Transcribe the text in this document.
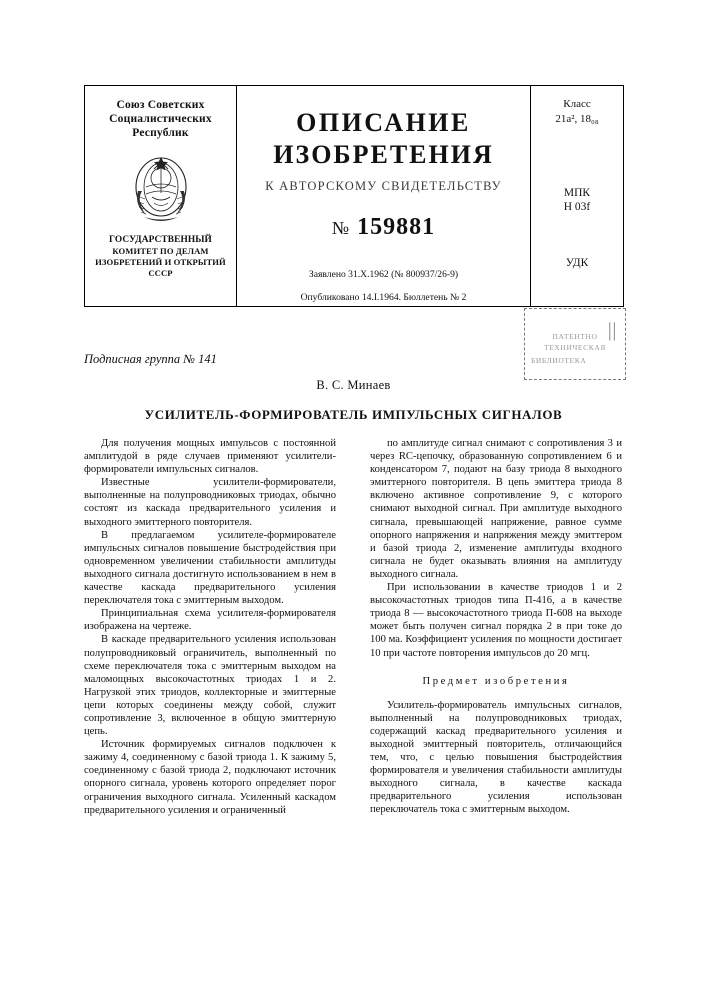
Союз Советских
Социалистических
Республик
ГОСУДАРСТВЕННЫЙ
КОМИТЕТ ПО ДЕЛАМ
ИЗОБРЕТЕНИЙ И ОТКРЫТИЙ
СССР
ОПИСАНИЕ
ИЗОБРЕТЕНИЯ
К АВТОРСКОМУ СВИДЕТЕЛЬСТВУ
№ 159881
Заявлено 31.X.1962 (№ 800937/26-9)
Опубликовано 14.I.1964. Бюллетень № 2
Класс
21a², 18₀₈
МПК
H 03f
УДК
ПАТЕНТНО
ТЕХНИЧЕСКАЯ
БИБЛИОТЕКА
||
Подписная группа № 141
В. С. Минаев
УСИЛИТЕЛЬ-ФОРМИРОВАТЕЛЬ ИМПУЛЬСНЫХ СИГНАЛОВ

Для получения мощных импульсов с постоянной амплитудой в ряде случаев применяют усилители-формирователи импульсных сигналов.

Известные усилители-формирователи, выполненные на полупроводниковых триодах, обычно состоят из каскада предварительного усиления и выходного эмиттерного повторителя.

В предлагаемом усилителе-формирователе импульсных сигналов повышение быстродействия при одновременном увеличении стабильности амплитуды выходного сигнала достигнуто использованием в нем в качестве каскада предварительного усиления переключателя тока с эмиттерным выходом.

Принципиальная схема усилителя-формирователя изображена на чертеже.

В каскаде предварительного усиления использован полупроводниковый ограничитель, выполненный по схеме переключателя тока с эмиттерным выходом на маломощных высокочастотных триодах 1 и 2. Нагрузкой этих триодов, коллекторные и эмиттерные цепи которых соединены между собой, служит сопротивление 3, включенное в общую эмиттерную цепь.

Источник формируемых сигналов подключен к зажиму 4, соединенному с базой триода 1. К зажиму 5, соединенному с базой триода 2, подключают источник опорного сигнала, уровень которого определяет порог ограничения выходного сигнала. Усиленный каскадом предварительного усиления и ограниченный

по амплитуде сигнал снимают с сопротивления 3 и через RC-цепочку, образованную сопротивлением 6 и конденсатором 7, подают на базу триода 8 выходного эмиттерного повторителя. В цепь эмиттера триода 8 включено активное сопротивление 9, с которого снимают выходной сигнал. При амплитуде выходного сигнала, превышающей напряжение, равное сумме опорного напряжения и напряжения между эмиттером и базой триода 2, изменение амплитуды входного сигнала не будет оказывать влияния на амплитуду выходного сигнала.

При использовании в качестве триодов 1 и 2 высокочастотных триодов типа П-416, а в качестве триода 8 — высокочастотного триода П-608 на выходе может быть получен сигнал порядка 2 в при токе до 100 ма. Коэффициент усиления по мощности достигает 10 при частоте повторения импульсов до 20 мгц.

Предмет изобретения

Усилитель-формирователь импульсных сигналов, выполненный на полупроводниковых триодах, содержащий каскад предварительного усиления и выходной эмиттерный повторитель, отличающийся тем, что, с целью повышения быстродействия формирователя и увеличения стабильности амплитуды выходного сигнала, в качестве каскада предварительного усиления использован переключатель тока с эмиттерным выходом.
